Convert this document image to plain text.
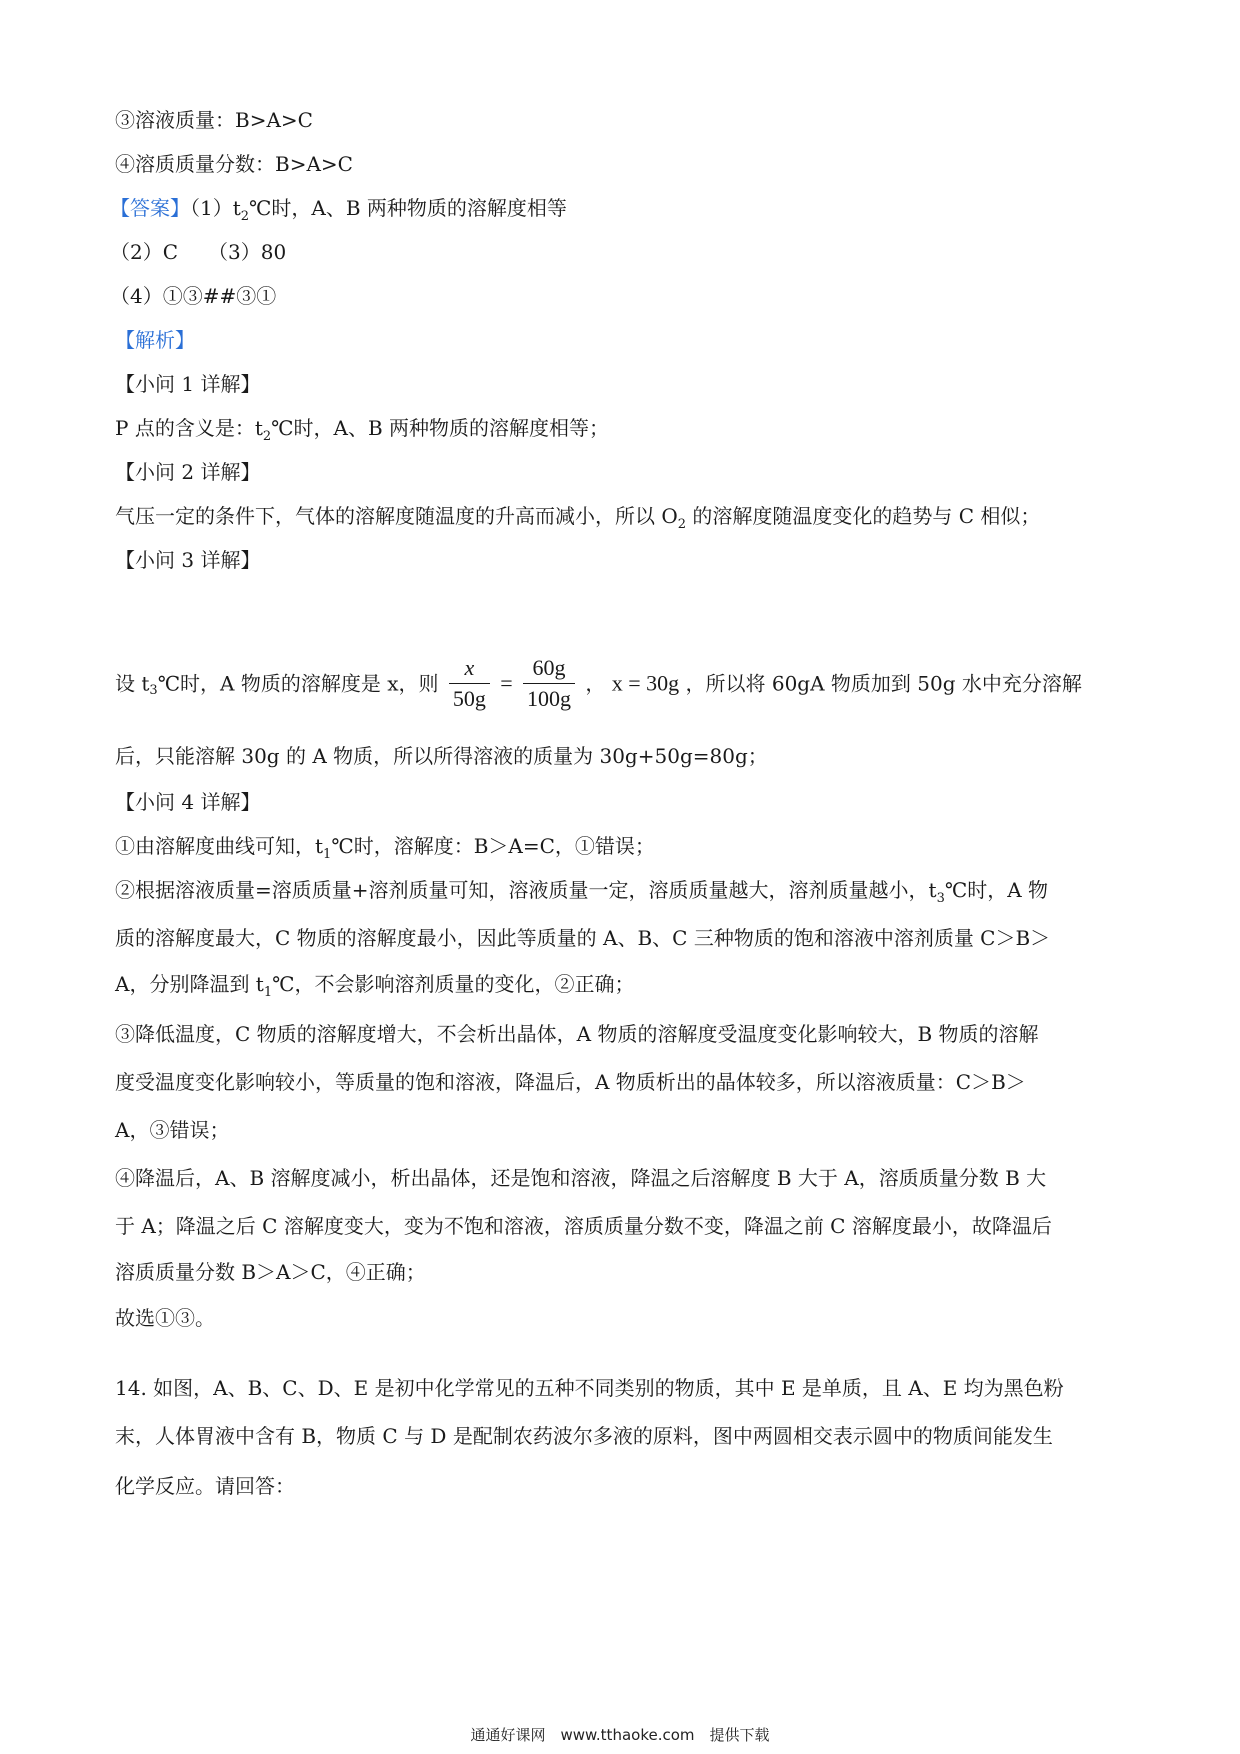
③溶液质量：B>A>C
④溶质质量分数：B>A>C
【答案】$(1)t_2℃$时，A、B 两种物质的溶解度相等
（2）C　　（3）80
（4）①③##③①
【解析】
【小问 1 详解】
P 点的含义是：$t_2℃$时，A、B 两种物质的溶解度相等；
【小问 2 详解】
气压一定的条件下，气体的溶解度随温度的升高而减小，所以 $O_2$ 的溶解度随温度变化的趋势与 C 相似；
【小问 3 详解】
设 $t_3℃$时，A 物质的溶解度是 x，则 $\frac{x}{50g} = \frac{60g}{100g}$ ， x = 30g ，所以将 60gA 物质加到 50g 水中充分溶解
后，只能溶解 30g 的 A 物质，所以所得溶液的质量为 30g+50g=80g；
【小问 4 详解】
①由溶解度曲线可知，$t_1℃$时，溶解度：B＞A=C，①错误；
②根据溶液质量=溶质质量+溶剂质量可知，溶液质量一定，溶质质量越大，溶剂质量越小，$t_3℃$时，A 物
质的溶解度最大，C 物质的溶解度最小，因此等质量的 A、B、C 三种物质的饱和溶液中溶剂质量 C＞B＞
A，分别降温到 $t_1℃$，不会影响溶剂质量的变化，②正确；
③降低温度，C 物质的溶解度增大，不会析出晶体，A 物质的溶解度受温度变化影响较大，B 物质的溶解
度受温度变化影响较小，等质量的饱和溶液，降温后，A 物质析出的晶体较多，所以溶液质量：C＞B＞
A，③错误；
④降温后，A、B 溶解度减小，析出晶体，还是饱和溶液，降温之后溶解度 B 大于 A，溶质质量分数 B 大
于 A；降温之后 C 溶解度变大，变为不饱和溶液，溶质质量分数不变，降温之前 C 溶解度最小，故降温后
溶质质量分数 B＞A＞C，④正确；
故选①③。
14. 如图，A、B、C、D、E 是初中化学常见的五种不同类别的物质，其中 E 是单质，且 A、E 均为黑色粉
末，人体胃液中含有 B，物质 C 与 D 是配制农药波尔多液的原料，图中两圆相交表示圆中的物质间能发生
化学反应。请回答：
通通好课网　www.tthaoke.com　提供下载
